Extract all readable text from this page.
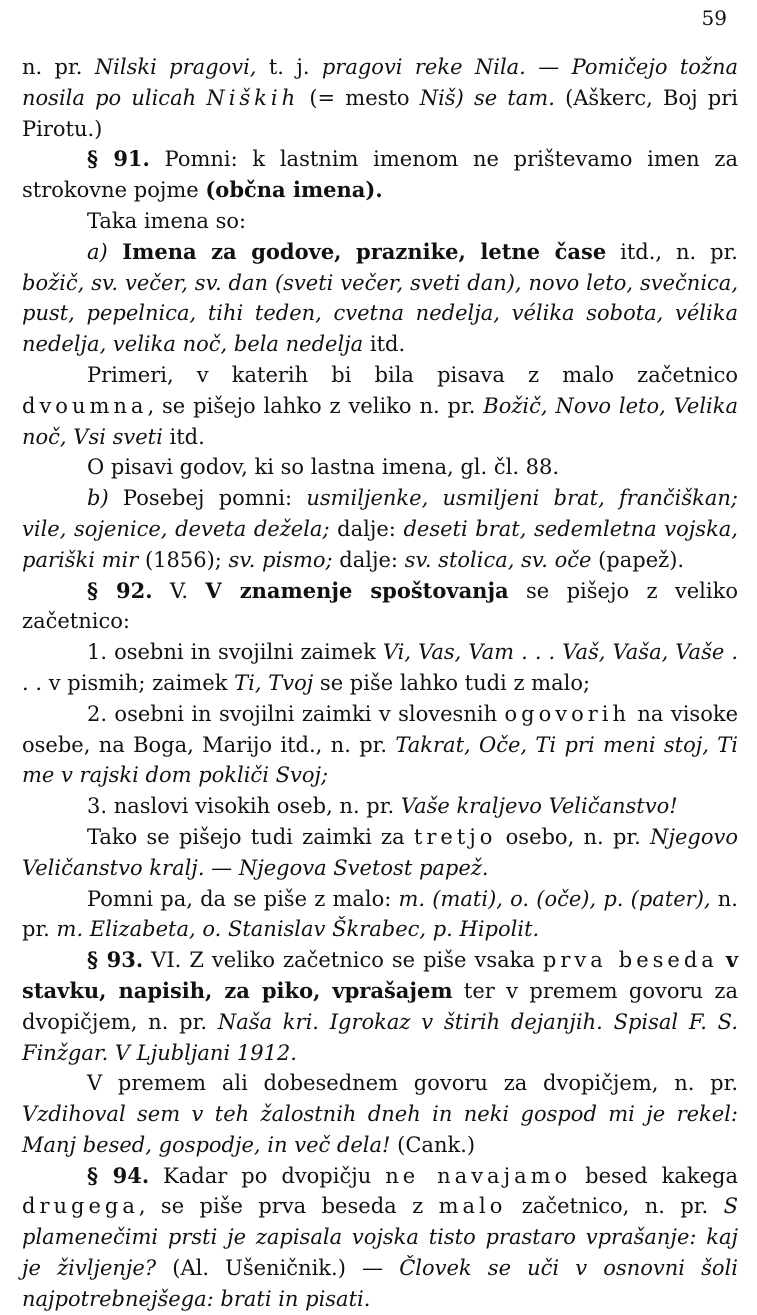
59

n. pr. Nilski pragovi, t. j. pragovi reke Nila. — Pomičejo tožna nosila po ulicah Niških (= mesto Niš) se tam. (Aškerc, Boj pri Pirotu.)

§ 91. Pomni: k lastnim imenom ne prištevamo imen za strokovne pojme (občna imena).

Taka imena so:

a) Imena za godove, praznike, letne čase itd., n. pr. božič, sv. večer, sv. dan (sveti večer, sveti dan), novo leto, svečnica, pust, pepelnica, tihi teden, cvetna nedelja, vélika sobota, vélika nedelja, velika noč, bela nedelja itd.

Primeri, v katerih bi bila pisava z malo začetnico dvoumna, se pišejo lahko z veliko n. pr. Božič, Novo leto, Velika noč, Vsi sveti itd.

O pisavi godov, ki so lastna imena, gl. čl. 88.

b) Posebej pomni: usmiljenke, usmiljeni brat, frančiškan; vile, sojenice, deveta dežela; dalje: deseti brat, sedemletna vojska, pariški mir (1856); sv. pismo; dalje: sv. stolica, sv. oče (papež).

§ 92. V. V znamenje spoštovanja se pišejo z veliko začetnico:

1. osebni in svojilni zaimek Vi, Vas, Vam . . . Vaš, Vaša, Vaše . . . v pismih; zaimek Ti, Tvoj se piše lahko tudi z malo;

2. osebni in svojilni zaimki v slovesnih ogovorih na visoke osebe, na Boga, Marijo itd., n. pr. Takrat, Oče, Ti pri meni stoj, Ti me v rajski dom pokliči Svoj;

3. naslovi visokih oseb, n. pr. Vaše kraljevo Veličanstvo!

Tako se pišejo tudi zaimki za tretjo osebo, n. pr. Njegovo Veličanstvo kralj. — Njegova Svetost papež.

Pomni pa, da se piše z malo: m. (mati), o. (oče), p. (pater), n. pr. m. Elizabeta, o. Stanislav Škrabec, p. Hipolit.

§ 93. VI. Z veliko začetnico se piše vsaka prva beseda v stavku, napisih, za piko, vprašajem ter v premem govoru za dvopičjem, n. pr. Naša kri. Igrokaz v štirih dejanjih. Spisal F. S. Finžgar. V Ljubljani 1912.

V premem ali dobesednem govoru za dvopičjem, n. pr. Vzdihoval sem v teh žalostnih dneh in neki gospod mi je rekel: Manj besed, gospodje, in več dela! (Cank.)

§ 94. Kadar po dvopičju ne navajamo besed kakega drugega, se piše prva beseda z malo začetnico, n. pr. S plamenečimi prsti je zapisala vojska tisto prastaro vprašanje: kaj je življenje? (Al. Ušeničnik.) — Človek se uči v osnovni šoli najpotrebnejšega: brati in pisati.
